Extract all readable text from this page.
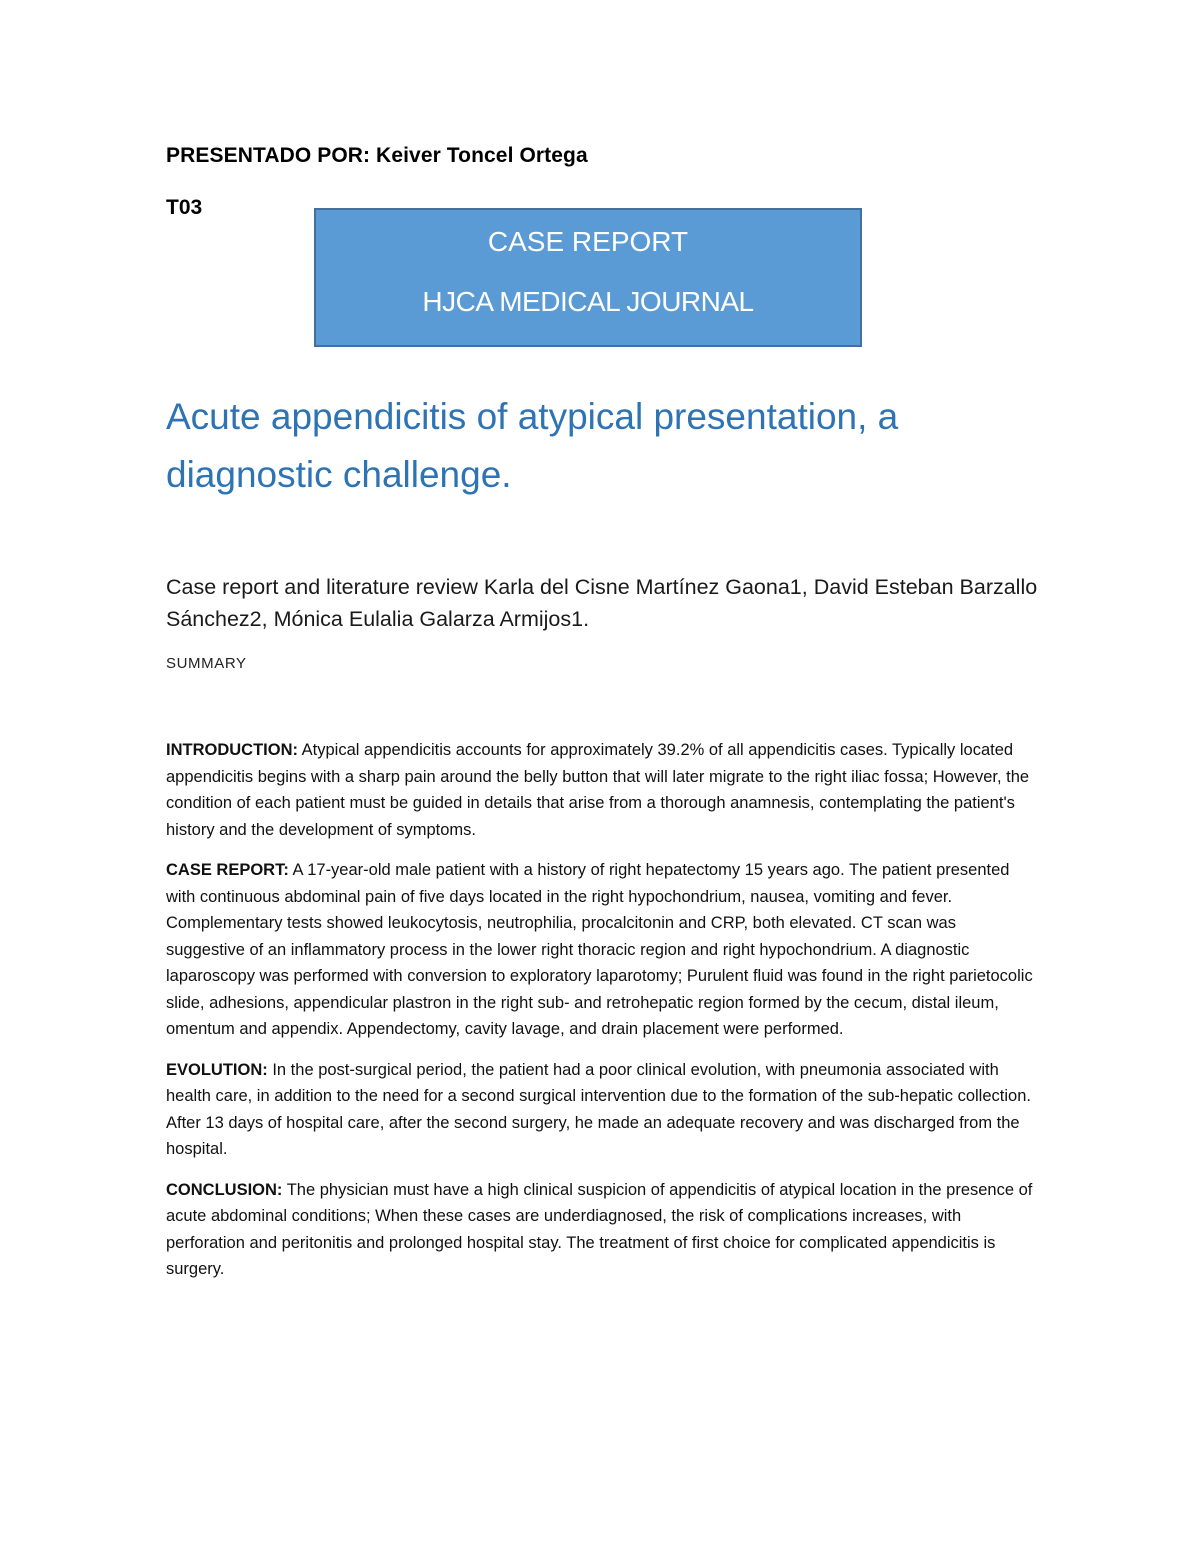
PRESENTADO POR: Keiver Toncel Ortega
T03
CASE REPORT
HJCA MEDICAL JOURNAL
Acute appendicitis of atypical presentation, a diagnostic challenge.
Case report and literature review Karla del Cisne Martínez Gaona1, David Esteban Barzallo Sánchez2, Mónica Eulalia Galarza Armijos1.
SUMMARY

INTRODUCTION: Atypical appendicitis accounts for approximately 39.2% of all appendicitis cases. Typically located appendicitis begins with a sharp pain around the belly button that will later migrate to the right iliac fossa; However, the condition of each patient must be guided in details that arise from a thorough anamnesis, contemplating the patient's history and the development of symptoms.

CASE REPORT: A 17-year-old male patient with a history of right hepatectomy 15 years ago. The patient presented with continuous abdominal pain of five days located in the right hypochondrium, nausea, vomiting and fever. Complementary tests showed leukocytosis, neutrophilia, procalcitonin and CRP, both elevated. CT scan was suggestive of an inflammatory process in the lower right thoracic region and right hypochondrium. A diagnostic laparoscopy was performed with conversion to exploratory laparotomy; Purulent fluid was found in the right parietocolic slide, adhesions, appendicular plastron in the right sub- and retrohepatic region formed by the cecum, distal ileum, omentum and appendix. Appendectomy, cavity lavage, and drain placement were performed.

EVOLUTION: In the post-surgical period, the patient had a poor clinical evolution, with pneumonia associated with health care, in addition to the need for a second surgical intervention due to the formation of the sub-hepatic collection. After 13 days of hospital care, after the second surgery, he made an adequate recovery and was discharged from the hospital.

CONCLUSION: The physician must have a high clinical suspicion of appendicitis of atypical location in the presence of acute abdominal conditions; When these cases are underdiagnosed, the risk of complications increases, with perforation and peritonitis and prolonged hospital stay. The treatment of first choice for complicated appendicitis is surgery.
